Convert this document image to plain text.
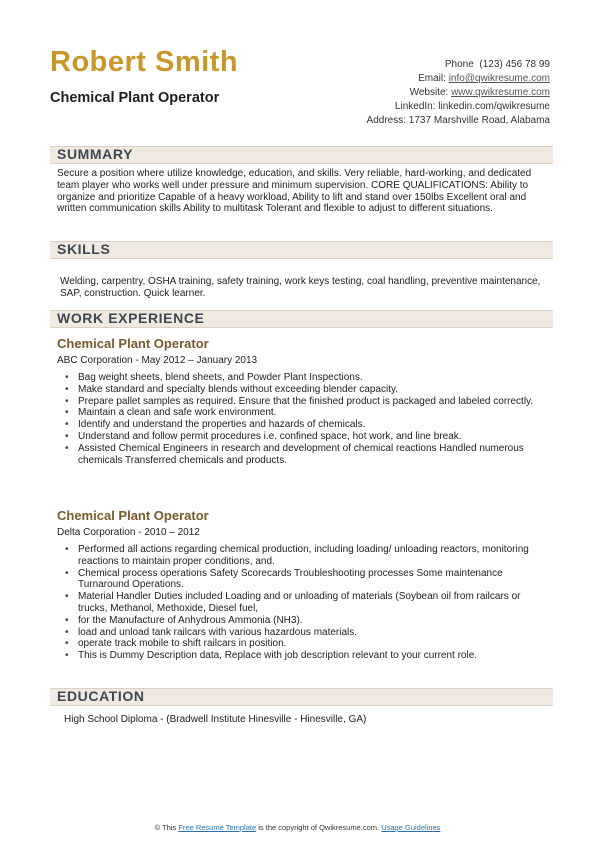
Robert Smith
Chemical Plant Operator
Phone (123) 456 78 99
Email: info@qwikresume.com
Website: www.qwikresume.com
LinkedIn: linkedin.com/qwikresume
Address: 1737 Marshville Road, Alabama
SUMMARY
Secure a position where utilize knowledge, education, and skills. Very reliable, hard-working, and dedicated team player who works well under pressure and minimum supervision. CORE QUALIFICATIONS: Ability to organize and prioritize Capable of a heavy workload, Ability to lift and stand over 150lbs Excellent oral and written communication skills Ability to multitask Tolerant and flexible to adjust to different situations.
SKILLS
Welding, carpentry, OSHA training, safety training, work keys testing, coal handling, preventive maintenance, SAP, construction. Quick learner.
WORK EXPERIENCE
Chemical Plant Operator
ABC Corporation - May 2012 – January 2013
• Bag weight sheets, blend sheets, and Powder Plant Inspections.
• Make standard and specialty blends without exceeding blender capacity.
• Prepare pallet samples as required. Ensure that the finished product is packaged and labeled correctly.
• Maintain a clean and safe work environment.
• Identify and understand the properties and hazards of chemicals.
• Understand and follow permit procedures i.e. confined space, hot work, and line break.
• Assisted Chemical Engineers in research and development of chemical reactions Handled numerous chemicals Transferred chemicals and products.
Chemical Plant Operator
Delta Corporation - 2010 – 2012
• Performed all actions regarding chemical production, including loading/ unloading reactors, monitoring reactions to maintain proper conditions, and.
• Chemical process operations Safety Scorecards Troubleshooting processes Some maintenance Turnaround Operations.
• Material Handler Duties included Loading and or unloading of materials (Soybean oil from railcars or trucks, Methanol, Methoxide, Diesel fuel,
• for the Manufacture of Anhydrous Ammonia (NH3).
• load and unload tank railcars with various hazardous materials.
• operate track mobile to shift railcars in position.
• This is Dummy Description data, Replace with job description relevant to your current role.
EDUCATION
High School Diploma - (Bradwell Institute Hinesville - Hinesville, GA)
© This Free Resume Template is the copyright of Qwikresume.com. Usage Guidelines
